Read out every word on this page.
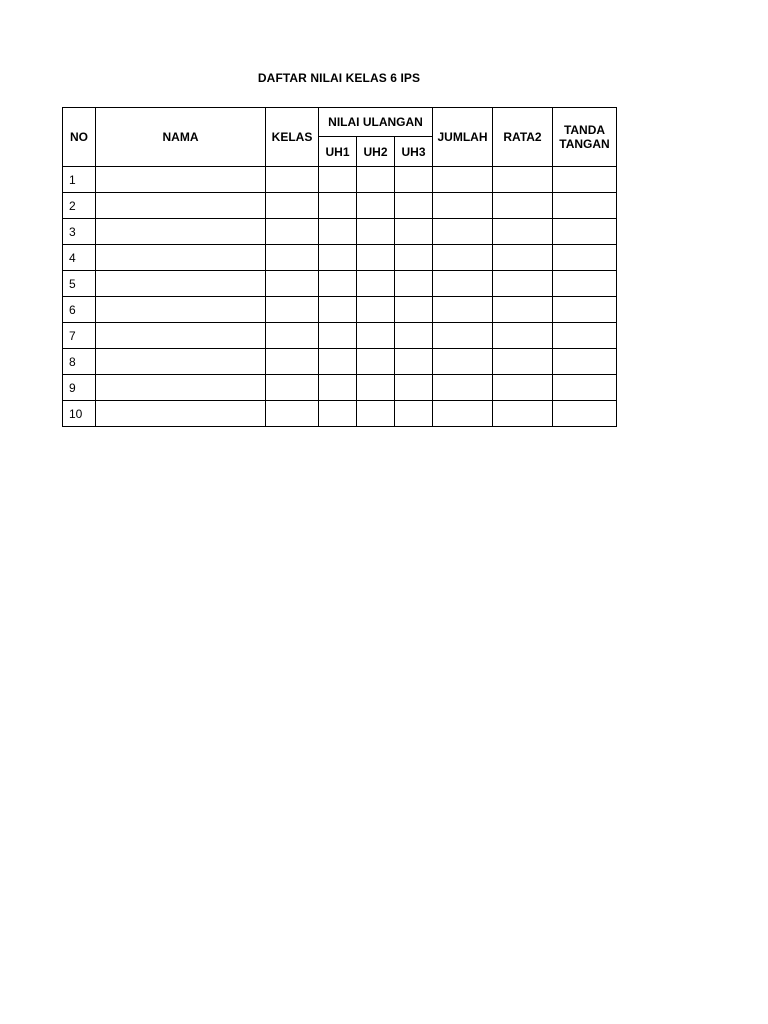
DAFTAR NILAI KELAS 6 IPS
NO	NAMA	KELAS	NILAI ULANGAN			JUMLAH	RATA2	TANDA
TANGAN
			UH1	UH2	UH3			
1								
2								
3								
4								
5								
6								
7								
8								
9								
10								
